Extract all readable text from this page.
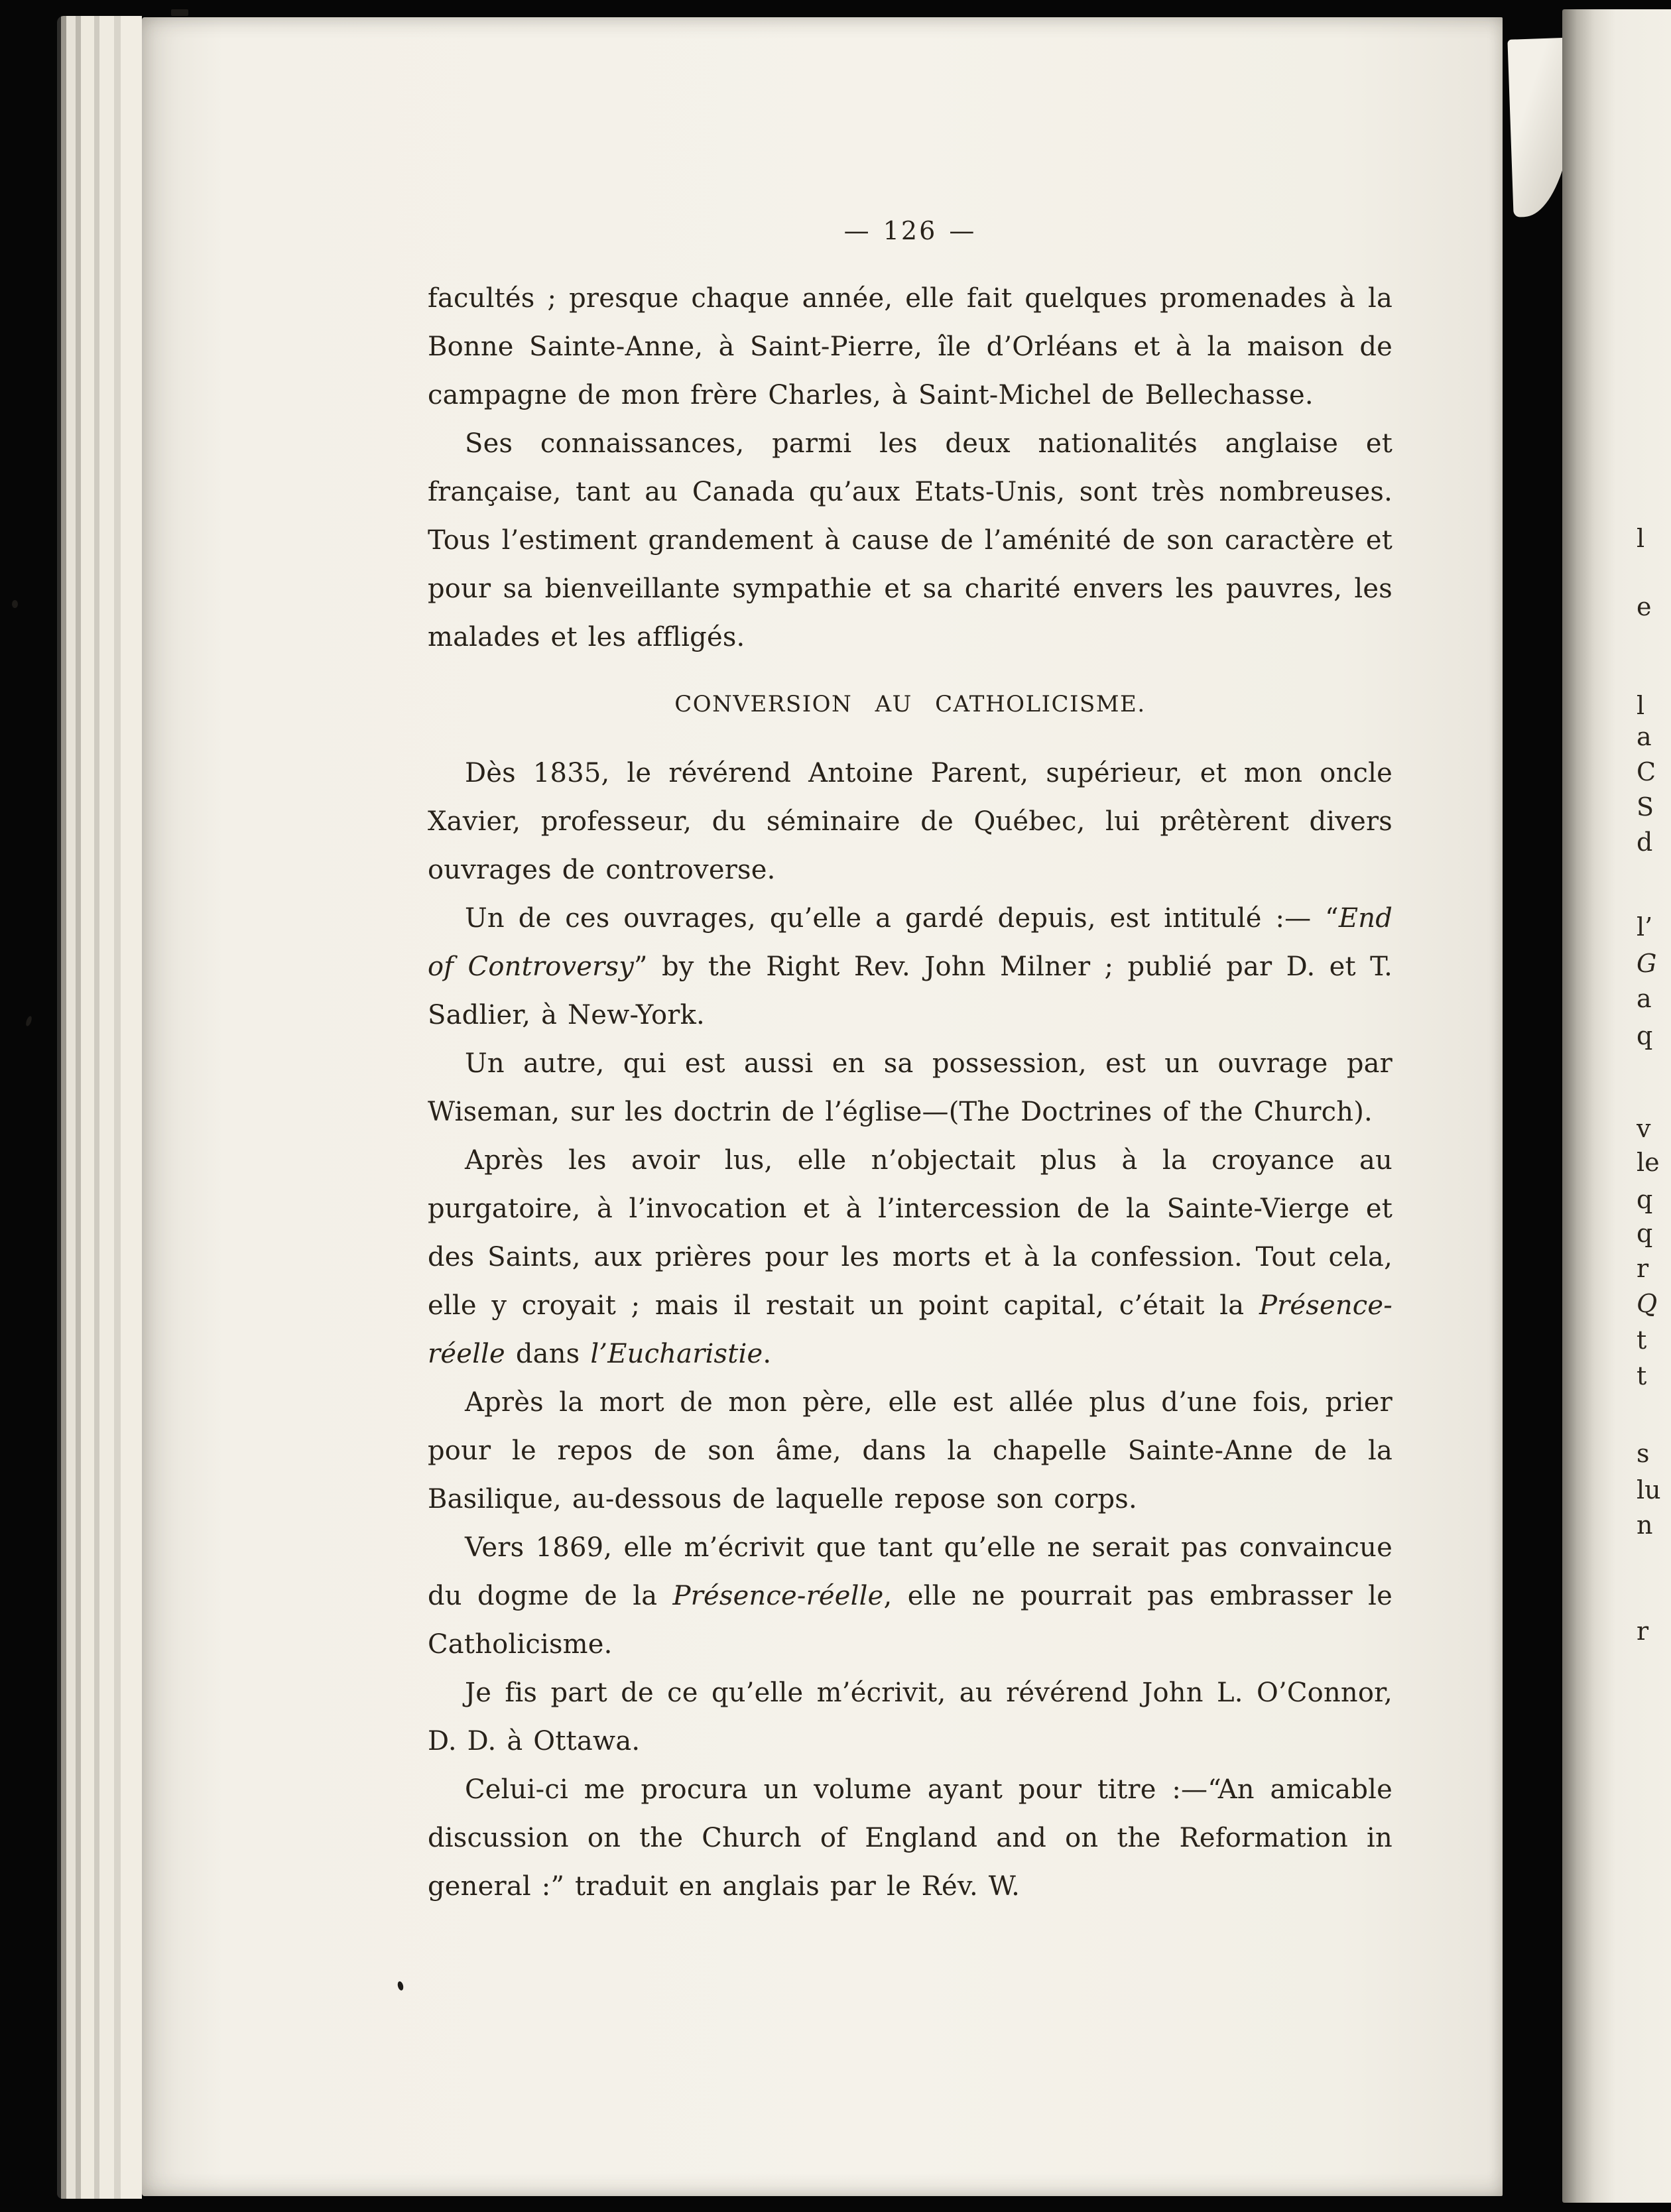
— 126 —

facultés ; presque chaque année, elle fait quelques promenades à la Bonne Sainte-Anne, à Saint-Pierre, île d’Orléans et à la maison de campagne de mon frère Charles, à Saint-Michel de Bellechasse.

Ses connaissances, parmi les deux nationalités anglaise et française, tant au Canada qu’aux Etats-Unis, sont très nombreuses. Tous l’estiment grandement à cause de l’aménité de son caractère et pour sa bienveillante sympathie et sa charité envers les pauvres, les malades et les affligés.

CONVERSION AU CATHOLICISME.

Dès 1835, le révérend Antoine Parent, supérieur, et mon oncle Xavier, professeur, du séminaire de Québec, lui prêtèrent divers ouvrages de controverse.

Un de ces ouvrages, qu’elle a gardé depuis, est intitulé :— “End of Controversy” by the Right Rev. John Milner ; publié par D. et T. Sadlier, à New-York.

Un autre, qui est aussi en sa possession, est un ouvrage par Wiseman, sur les doctrin de l’église—(The Doctrines of the Church).

Après les avoir lus, elle n’objectait plus à la croyance au purgatoire, à l’invocation et à l’intercession de la Sainte-Vierge et des Saints, aux prières pour les morts et à la confession. Tout cela, elle y croyait ; mais il restait un point capital, c’était la Présence-réelle dans l’Eucharistie.

Après la mort de mon père, elle est allée plus d’une fois, prier pour le repos de son âme, dans la chapelle Sainte-Anne de la Basilique, au-dessous de laquelle repose son corps.

Vers 1869, elle m’écrivit que tant qu’elle ne serait pas convaincue du dogme de la Présence-réelle, elle ne pourrait pas embrasser le Catholicisme.

Je fis part de ce qu’elle m’écrivit, au révérend John L. O’Connor, D. D. à Ottawa.

Celui-ci me procura un volume ayant pour titre :—“An amicable discussion on the Church of England and on the Reformation in general :” traduit en anglais par le Rév. W.

l
e
l
a
C
S
d
l’
G
a
q
v
le
q
q
r
Q
t
t
s
lu
n
r
